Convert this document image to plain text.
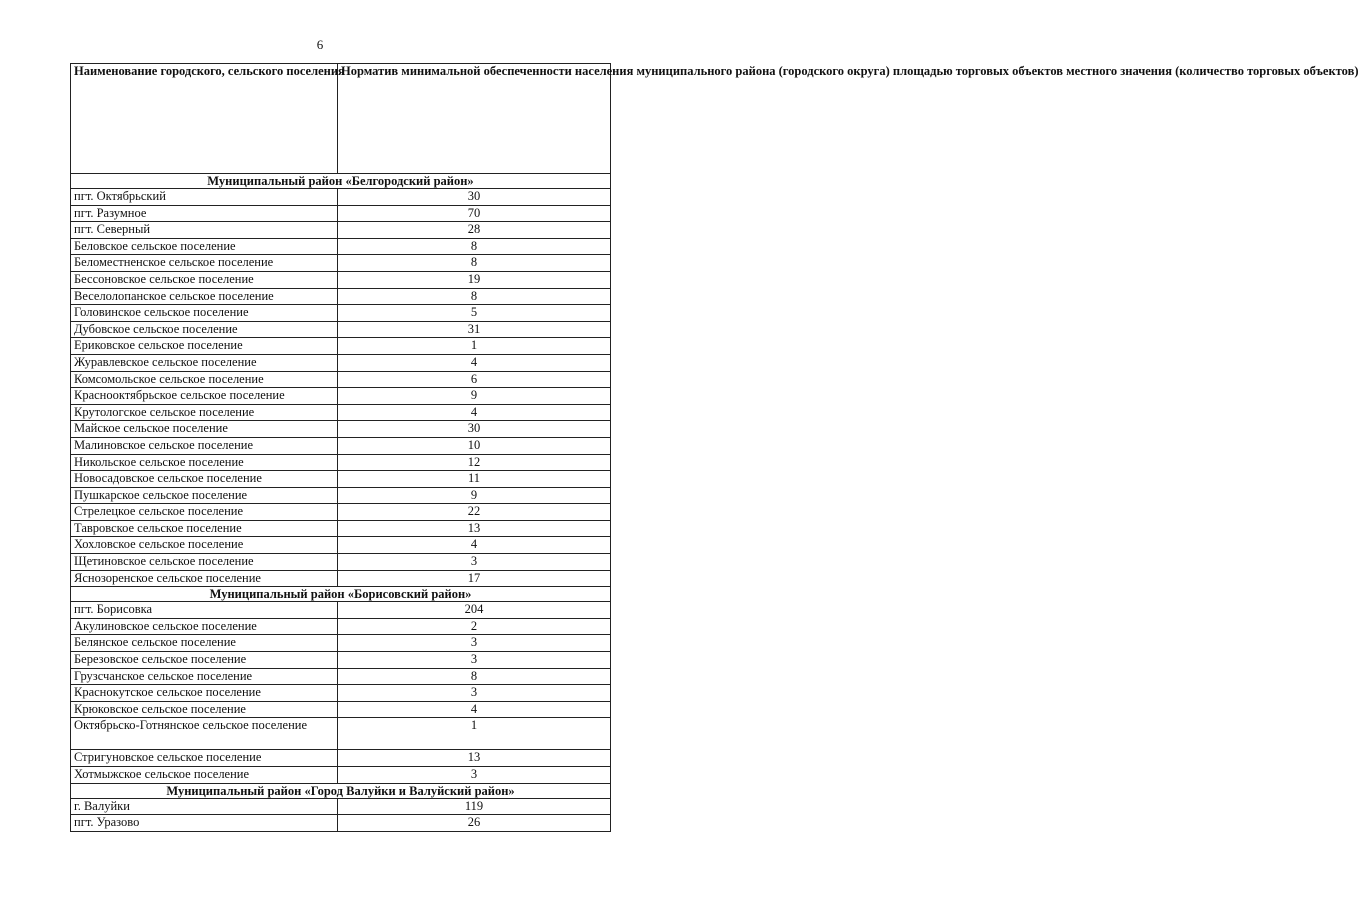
6
Наименование городского, сельского поселения	Норматив минимальной обеспеченности населения муниципального района (городского округа) площадью торговых объектов местного значения (количество торговых объектов)
Муниципальный район «Белгородский район»	
пгт. Октябрьский	30
пгт. Разумное	70
пгт. Северный	28
Беловское сельское поселение	8
Беломестненское сельское поселение	8
Бессоновское сельское поселение	19
Веселолопанское сельское поселение	8
Головинское сельское поселение	5
Дубовское сельское поселение	31
Ериковское сельское поселение	1
Журавлевское сельское поселение	4
Комсомольское сельское поселение	6
Краснооктябрьское сельское поселение	9
Крутологское сельское поселение	4
Майское сельское поселение	30
Малиновское сельское поселение	10
Никольское сельское поселение	12
Новосадовское сельское поселение	11
Пушкарское сельское поселение	9
Стрелецкое сельское поселение	22
Тавровское сельское поселение	13
Хохловское сельское поселение	4
Щетиновское сельское поселение	3
Яснозоренское сельское поселение	17
Муниципальный район «Борисовский район»	
пгт. Борисовка	204
Акулиновское сельское поселение	2
Белянское сельское поселение	3
Березовское сельское поселение	3
Грузсчанское сельское поселение	8
Краснокутское сельское поселение	3
Крюковское сельское поселение	4
Октябрьско-Готнянское сельское поселение	1
Стригуновское сельское поселение	13
Хотмыжское сельское поселение	3
Муниципальный район «Город Валуйки и Валуйский район»	
г. Валуйки	119
пгт. Уразово	26
